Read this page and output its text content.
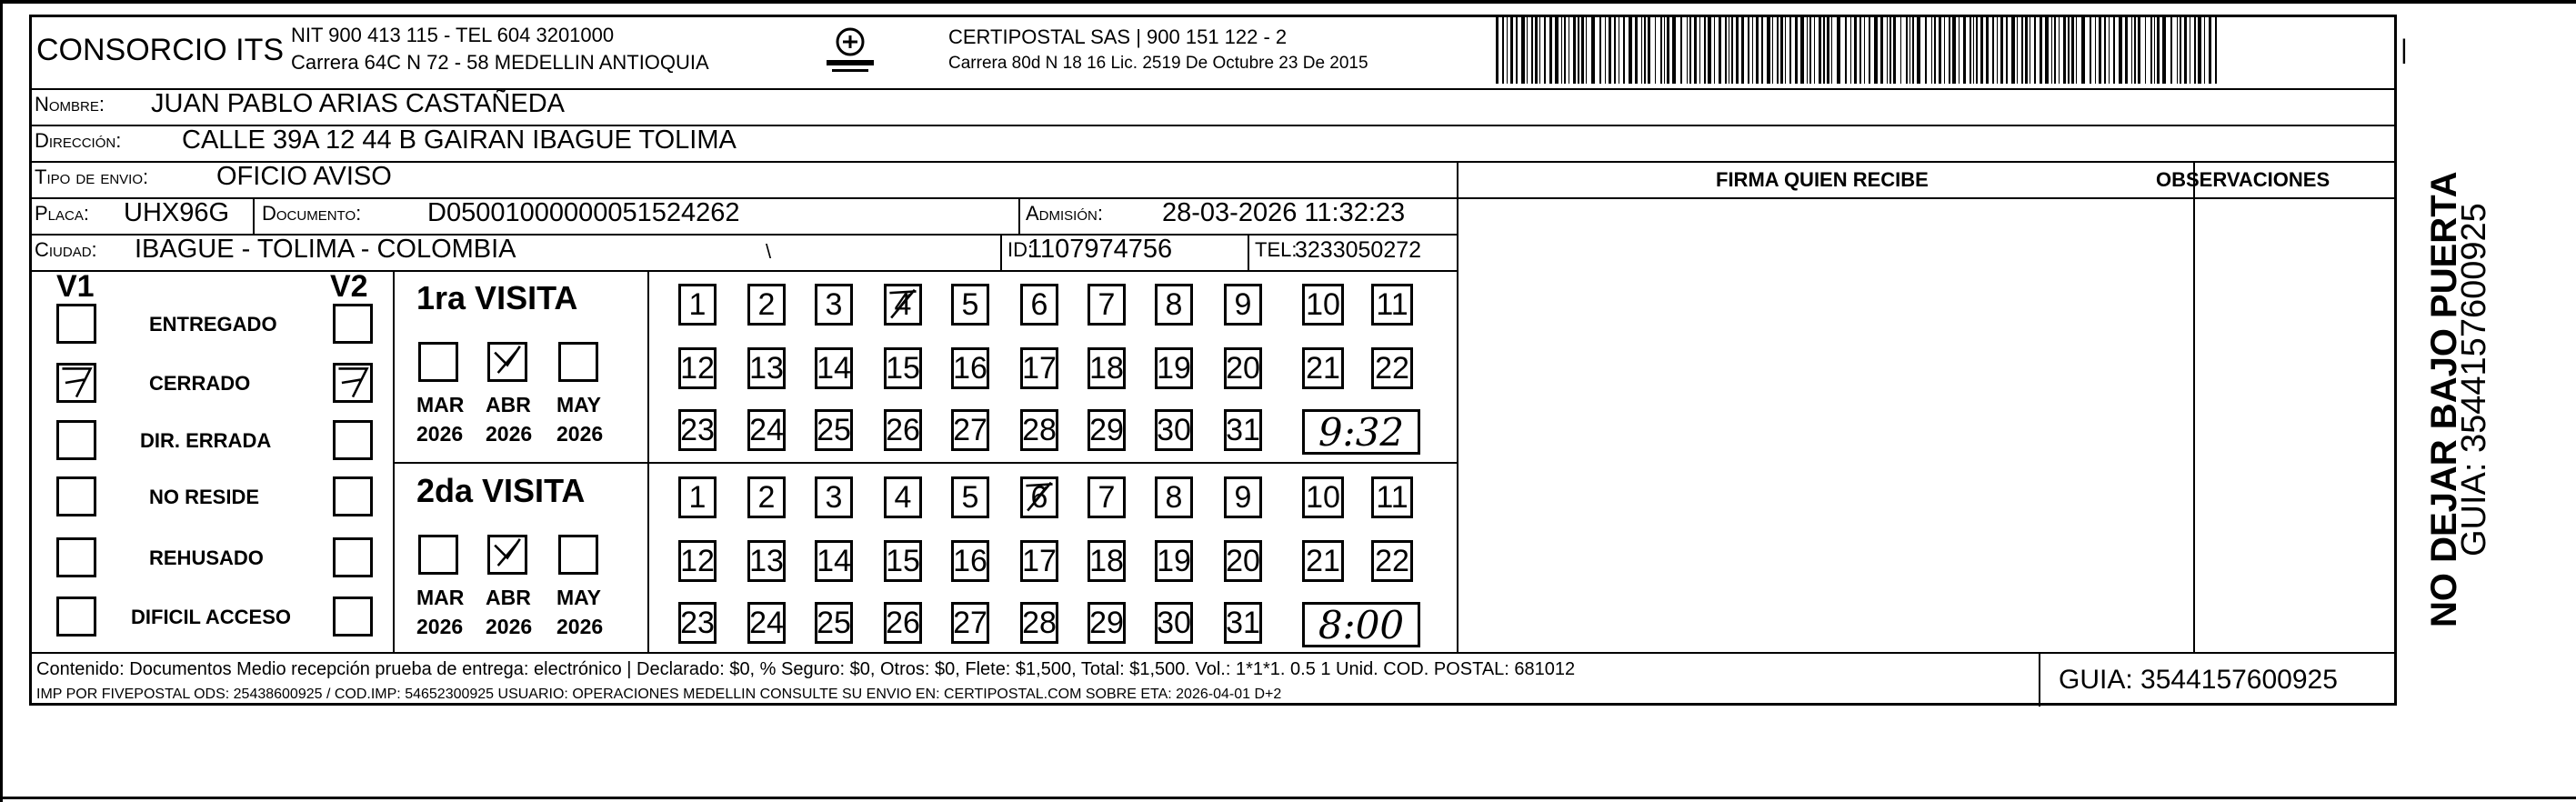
CONSORCIO ITS NIT 900 413 115 - TEL 604 3201000
Carrera 64C N 72 - 58 MEDELLIN ANTIOQUIA
CERTIPOSTAL SAS | 900 151 122 - 2
Carrera 80d N 18 16 Lic. 2519 De Octubre 23 De 2015	|
Nombre: JUAN PABLO ARIAS CASTAÑEDA
Dirección: CALLE 39A 12 44 B GAIRAN IBAGUE TOLIMA
Tipo de envio:	OFICIO AVISO	FIRMA QUIEN RECIBE	OBSERVACIONES
Placa: UHX96G Documento:	D05001000000051524262	Admisión: 28-03-2026 11:32:23
Ciudad: IBAGUE - TOLIMA - COLOMBIA	\	ID:
1107974756	TEL:
3233050272
V1	V2
ENTREGADO
CERRADO
DIR. ERRADA
NO RESIDE
REHUSADO
DIFICIL ACCESO
1ra VISITA
MAR
2026
ABR
2026
MAY
2026
1 2 3 4 5 6 7 8 9 10 11
12 13 14 15 16 17 18 19 20 21 22
23 24 25 26 27 28 29 30 31	9:32
2da VISITA
MAR
2026
ABR
2026
MAY
2026
1 2 3 4 5 6 7 8 9 10 11
12 13 14 15 16 17 18 19 20 21 22
23 24 25 26 27 28 29 30 31	8:00
Contenido: Documentos Medio recepción prueba de entrega: electrónico | Declarado: $0, % Seguro: $0, Otros: $0, Flete: $1,500, Total: $1,500. Vol.: 1*1*1. 0.5 1 Unid. COD. POSTAL: 681012
IMP POR FIVEPOSTAL ODS: 25438600925 / COD.IMP: 54652300925 USUARIO: OPERACIONES MEDELLIN CONSULTE SU ENVIO EN: CERTIPOSTAL.COM SOBRE ETA: 2026-04-01 D+2	GUIA: 3544157600925
NO DEJAR BAJO PUERTA
GUIA: 3544157600925
